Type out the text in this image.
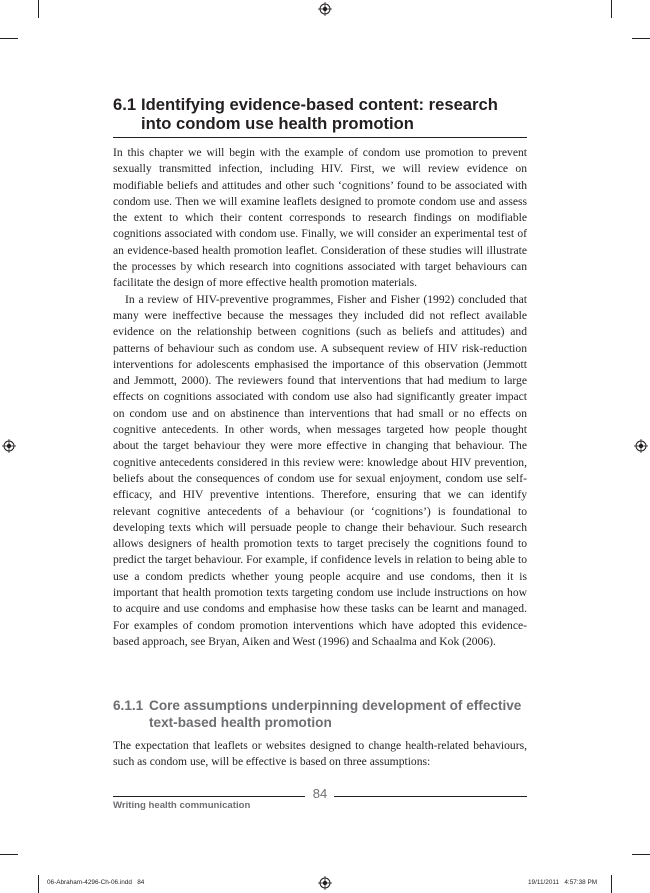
6.1 Identifying evidence-based content: research
into condom use health promotion

In this chapter we will begin with the example of condom use promotion to prevent sexually transmitted infection, including HIV. First, we will review evidence on modifiable beliefs and attitudes and other such ‘cognitions’ found to be associated with condom use. Then we will examine leaflets designed to promote condom use and assess the extent to which their content corresponds to research findings on modifiable cognitions associated with condom use. Finally, we will consider an experimental test of an evidence-based health promotion leaflet. Consideration of these studies will illustrate the processes by which research into cognitions associated with target behaviours can facilitate the design of more effective health promotion materials.

In a review of HIV-preventive programmes, Fisher and Fisher (1992) concluded that many were ineffective because the messages they included did not reflect available evidence on the relationship between cognitions (such as beliefs and attitudes) and patterns of behaviour such as condom use. A subsequent review of HIV risk-reduction interventions for adolescents emphasised the importance of this observation (Jemmott and Jemmott, 2000). The reviewers found that interventions that had medium to large effects on cognitions associated with condom use also had significantly greater impact on condom use and on abstinence than interventions that had small or no effects on cognitive antecedents. In other words, when messages targeted how people thought about the target behaviour they were more effective in changing that behaviour. The cognitive antecedents considered in this review were: knowledge about HIV prevention, beliefs about the consequences of condom use for sexual enjoyment, condom use self-efficacy, and HIV preventive intentions. Therefore, ensuring that we can identify relevant cognitive antecedents of a behaviour (or ‘cognitions’) is foundational to developing texts which will persuade people to change their behaviour. Such research allows designers of health promotion texts to target precisely the cognitions found to predict the target behaviour. For example, if confidence levels in relation to being able to use a condom predicts whether young people acquire and use condoms, then it is important that health promotion texts targeting condom use include instructions on how to acquire and use condoms and emphasise how these tasks can be learnt and managed. For examples of condom promotion interventions which have adopted this evidence-based approach, see Bryan, Aiken and West (1996) and Schaalma and Kok (2006).

6.1.1 Core assumptions underpinning development of effective
text-based health promotion

The expectation that leaflets or websites designed to change health-related behaviours, such as condom use, will be effective is based on three assumptions:

84
Writing health communication
06-Abraham-4296-Ch-06.indd 84	19/11/2011 4:57:38 PM
